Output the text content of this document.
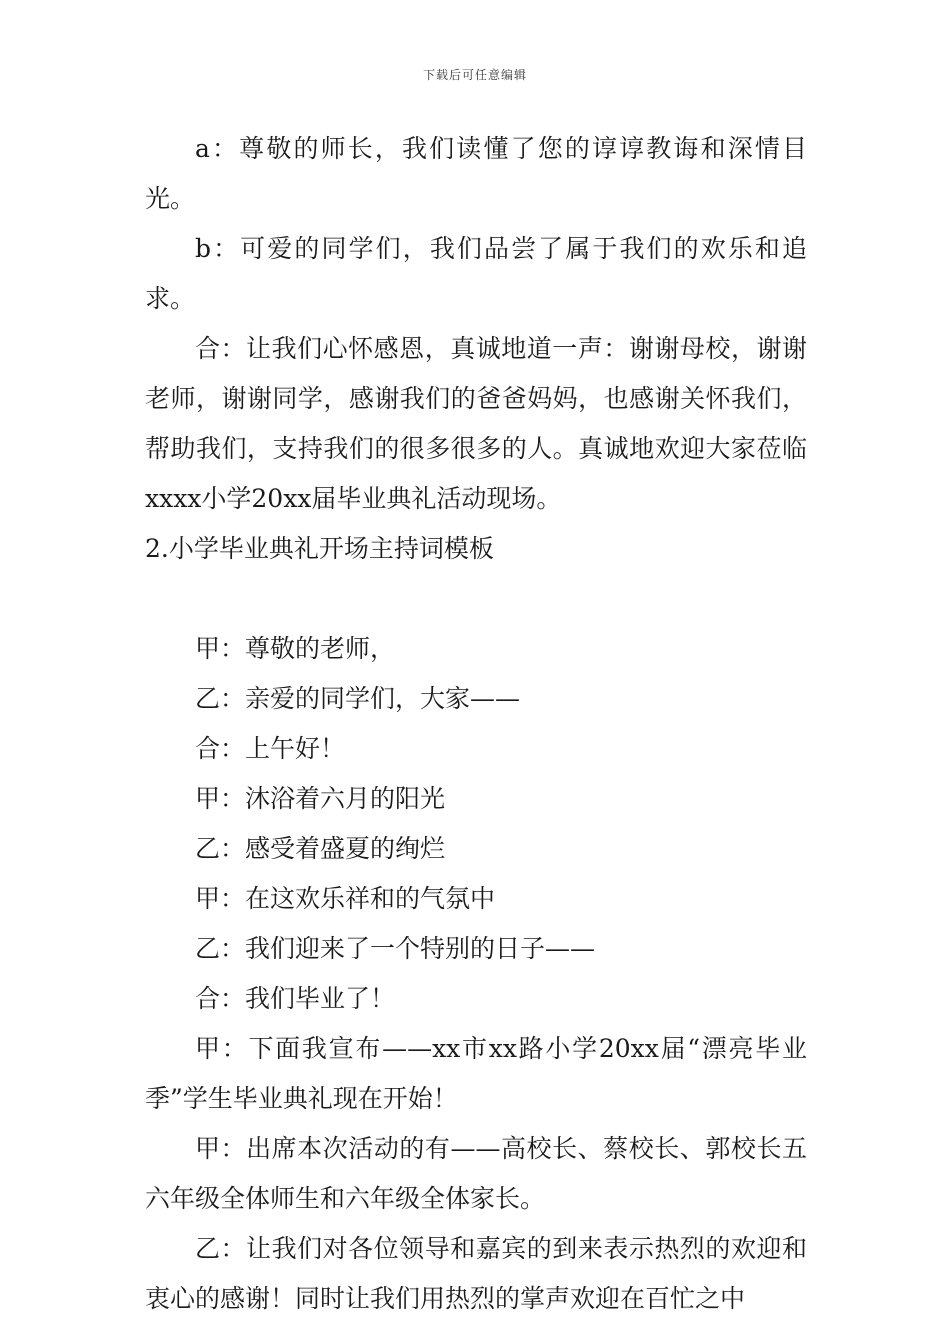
下载后可任意编辑

a：尊敬的师长，我们读懂了您的谆谆教诲和深情目光。

b：可爱的同学们，我们品尝了属于我们的欢乐和追求。

合：让我们心怀感恩，真诚地道一声：谢谢母校，谢谢老师，谢谢同学，感谢我们的爸爸妈妈，也感谢关怀我们，帮助我们，支持我们的很多很多的人。真诚地欢迎大家莅临xxxx小学20xx届毕业典礼活动现场。

2.小学毕业典礼开场主持词模板

甲：尊敬的老师，

乙：亲爱的同学们，大家——

合：上午好！

甲：沐浴着六月的阳光

乙：感受着盛夏的绚烂

甲：在这欢乐祥和的气氛中

乙：我们迎来了一个特别的日子——

合：我们毕业了！

甲：下面我宣布——xx市xx路小学20xx届“漂亮毕业季”学生毕业典礼现在开始！

甲：出席本次活动的有——高校长、蔡校长、郭校长五六年级全体师生和六年级全体家长。

乙：让我们对各位领导和嘉宾的到来表示热烈的欢迎和衷心的感谢！同时让我们用热烈的掌声欢迎在百忙之中
